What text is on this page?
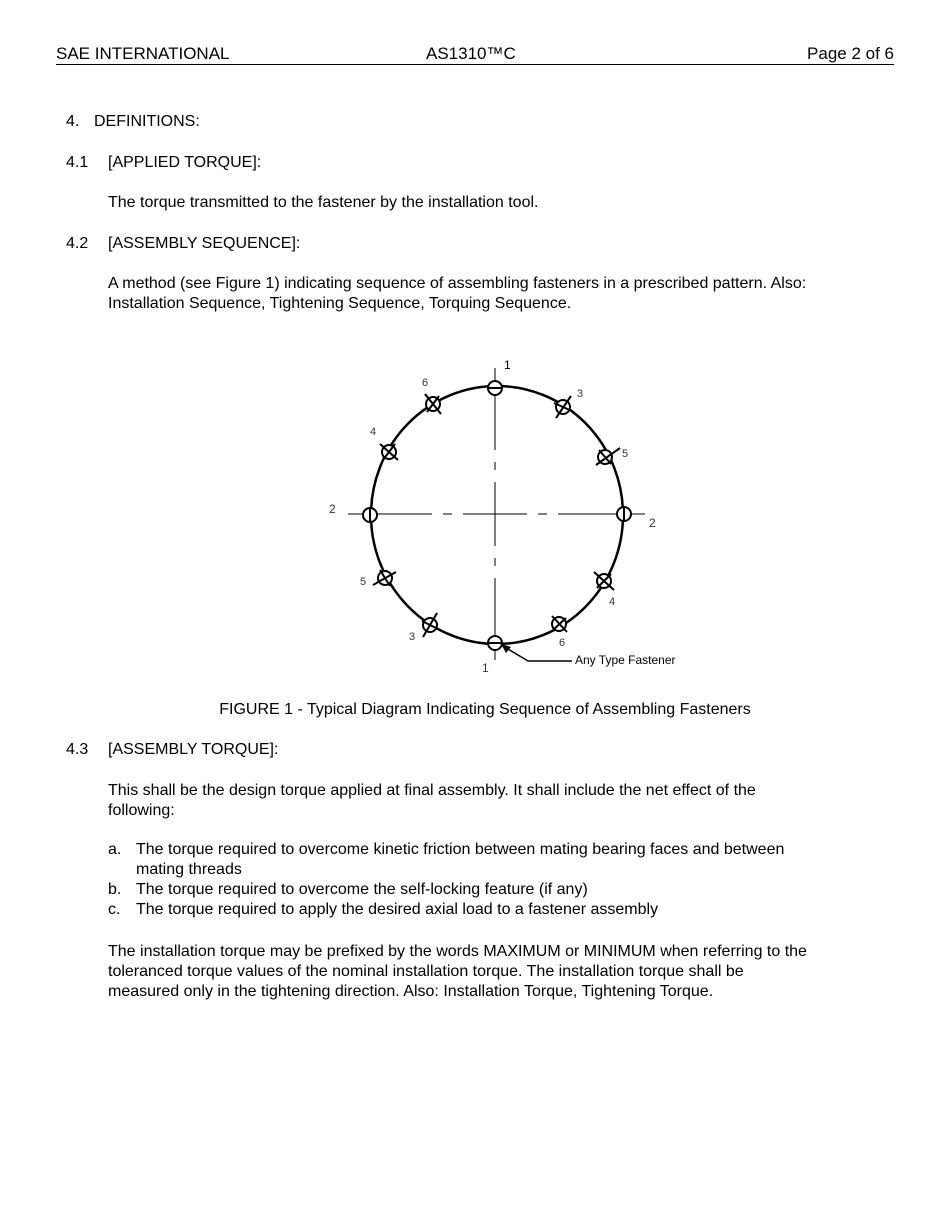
SAE INTERNATIONAL	AS1310™C	Page 2 of 6
4. DEFINITIONS:
4.1 [APPLIED TORQUE]:
The torque transmitted to the fastener by the installation tool.
4.2 [ASSEMBLY SEQUENCE]:
A method (see Figure 1) indicating sequence of assembling fasteners in a prescribed pattern. Also:
Installation Sequence, Tightening Sequence, Torquing Sequence.
1
1
2
2
3
3
4
4
5
5
6
6
Any Type Fastener
FIGURE 1 - Typical Diagram Indicating Sequence of Assembling Fasteners
4.3 [ASSEMBLY TORQUE]:
This shall be the design torque applied at final assembly. It shall include the net effect of the
following:
a. The torque required to overcome kinetic friction between mating bearing faces and between mating threads
b. The torque required to overcome the self-locking feature (if any)
c. The torque required to apply the desired axial load to a fastener assembly
The installation torque may be prefixed by the words MAXIMUM or MINIMUM when referring to the
toleranced torque values of the nominal installation torque. The installation torque shall be
measured only in the tightening direction. Also: Installation Torque, Tightening Torque.
